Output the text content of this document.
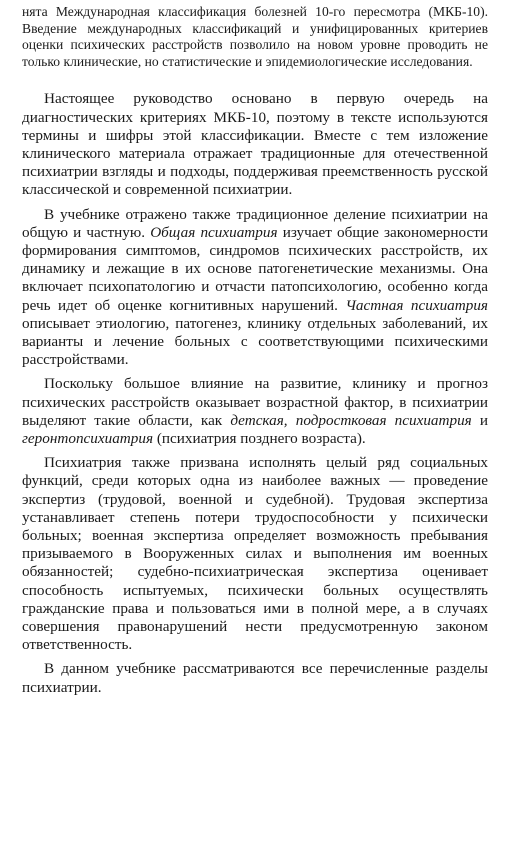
нята Международная классификация болезней 10-го пересмотра (МКБ-10). Введение международных классификаций и унифицированных критериев оценки психических расстройств позволило на новом уровне проводить не только клинические, но статистические и эпидемиологические исследования.

Настоящее руководство основано в первую очередь на диагностических критериях МКБ-10, поэтому в тексте используются термины и шифры этой классификации. Вместе с тем изложение клинического материала отражает традиционные для отечественной психиатрии взгляды и подходы, поддерживая преемственность русской классической и современной психиатрии.

В учебнике отражено также традиционное деление психиатрии на общую и частную. Общая психиатрия изучает общие закономерности формирования симптомов, синдромов психических расстройств, их динамику и лежащие в их основе патогенетические механизмы. Она включает психопатологию и отчасти патопсихологию, особенно когда речь идет об оценке когнитивных нарушений. Частная психиатрия описывает этиологию, патогенез, клинику отдельных заболеваний, их варианты и лечение больных с соответствующими психическими расстройствами.

Поскольку большое влияние на развитие, клинику и прогноз психических расстройств оказывает возрастной фактор, в психиатрии выделяют такие области, как детская, подростковая психиатрия и геронтопсихиатрия (психиатрия позднего возраста).

Психиатрия также призвана исполнять целый ряд социальных функций, среди которых одна из наиболее важных — проведение экспертиз (трудовой, военной и судебной). Трудовая экспертиза устанавливает степень потери трудоспособности у психически больных; военная экспертиза определяет возможность пребывания призываемого в Вооруженных силах и выполнения им военных обязанностей; судебно-психиатрическая экспертиза оценивает способность испытуемых, психически больных осуществлять гражданские права и пользоваться ими в полной мере, а в случаях совершения правонарушений нести предусмотренную законом ответственность.

В данном учебнике рассматриваются все перечисленные разделы психиатрии.
